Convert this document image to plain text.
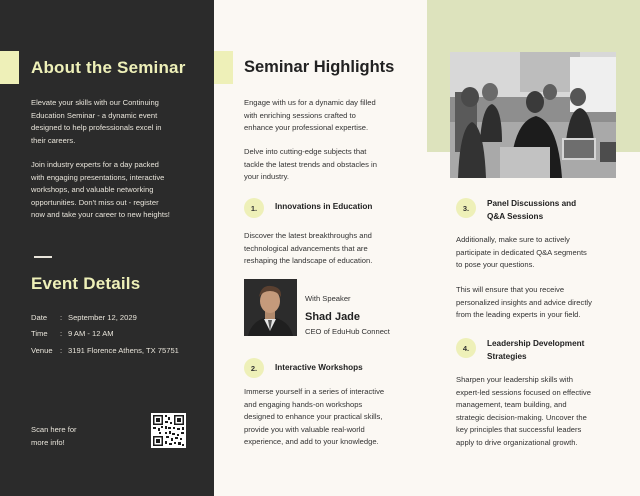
About the Seminar
Elevate your skills with our Continuing
Education Seminar - a dynamic event
designed to help professionals excel in
their careers.
Join industry experts for a day packed
with engaging presentations, interactive
workshops, and valuable networking
opportunities. Don't miss out - register
now and take your career to new heights!
Event Details
Date	: September 12, 2029
Time	: 9 AM - 12 AM
Venue : 3191 Florence Athens, TX 75751
Scan here for
more info!
Seminar Highlights
Engage with us for a dynamic day filled
with enriching sessions crafted to
enhance your professional expertise.
Delve into cutting-edge subjects that
tackle the latest trends and obstacles in
your industry.
1.	Innovations in Education
Discover the latest breakthroughs and
technological advancements that are
reshaping the landscape of education.
With Speaker
Shad Jade
CEO of EduHub Connect
2.	Interactive Workshops
Immerse yourself in a series of interactive
and engaging hands-on workshops
designed to enhance your practical skills,
provide you with valuable real-world
experience, and add to your knowledge.
3.	Panel Discussions and
Q&A Sessions
Additionally, make sure to actively
participate in dedicated Q&A segments
to pose your questions.
This will ensure that you receive
personalized insights and advice directly
from the leading experts in your field.
4.	Leadership Development
Strategies
Sharpen your leadership skills with
expert-led sessions focused on effective
management, team building, and
strategic decision-making. Uncover the
key principles that successful leaders
apply to drive organizational growth.
